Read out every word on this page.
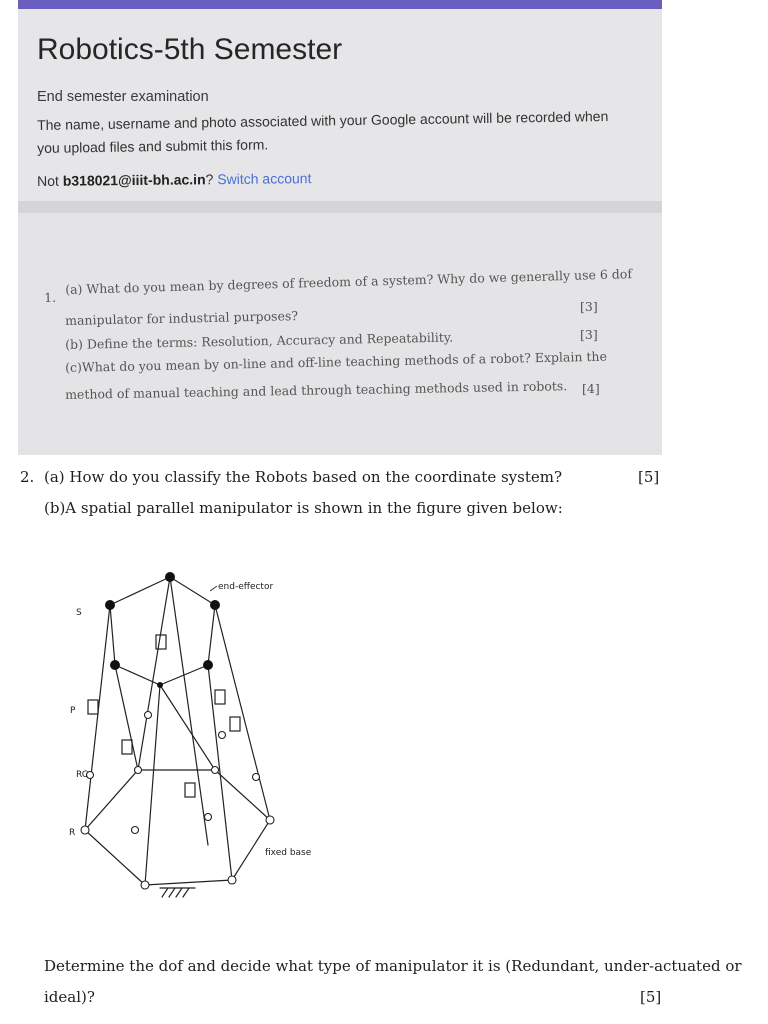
Robotics-5th Semester
End semester examination
The name, username and photo associated with your Google account will be recorded when
you upload files and submit this form.
Not b318021@iiit-bh.ac.in? Switch account
1.
(a) What do you mean by degrees of freedom of a system? Why do we generally use 6 dof
manipulator for industrial purposes?
[3]
(b) Define the terms: Resolution, Accuracy and Repeatability.	[3]
(c)What do you mean by on-line and off-line teaching methods of a robot? Explain the
method of manual teaching and lead through teaching methods used in robots. [4]
2. (a) How do you classify the Robots based on the coordinate system?	[5]
(b)A spatial parallel manipulator is shown in the figure given below:
end-effector
S
P
RC
R
fixed base
Determine the dof and decide what type of manipulator it is (Redundant, under-actuated or
ideal)?	[5]
